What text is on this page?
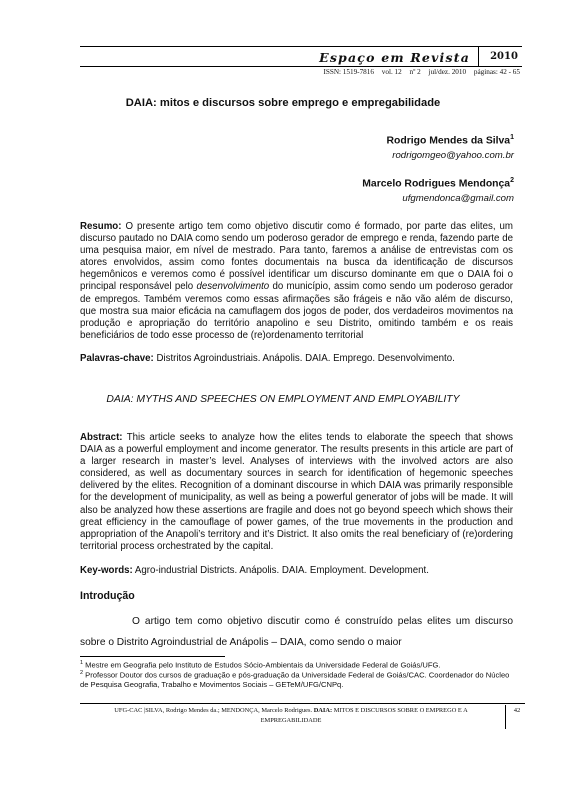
Espaço em Revista	2010
ISSN: 1519-7816 vol. 12 nº 2 jul/dez. 2010 páginas: 42 - 65
DAIA: mitos e discursos sobre emprego e empregabilidade
Rodrigo Mendes da Silva$^1$
rodrigomgeo@yahoo.com.br
Marcelo Rodrigues Mendonça$^2$
ufgmendonca@gmail.com
Resumo: O presente artigo tem como objetivo discutir como é formado, por parte das elites, um discurso pautado no DAIA como sendo um poderoso gerador de emprego e renda, fazendo parte de uma pesquisa maior, em nível de mestrado. Para tanto, faremos a análise de entrevistas com os atores envolvidos, assim como fontes documentais na busca da identificação de discursos hegemônicos e veremos como é possível identificar um discurso dominante em que o DAIA foi o principal responsável pelo desenvolvimento do município, assim como sendo um poderoso gerador de empregos. Também veremos como essas afirmações são frágeis e não vão além de discurso, que mostra sua maior eficácia na camuflagem dos jogos de poder, dos verdadeiros movimentos na produção e apropriação do território anapolino e seu Distrito, omitindo também e os reais beneficiários de todo esse processo de (re)ordenamento territorial
Palavras-chave: Distritos Agroindustriais. Anápolis. DAIA. Emprego. Desenvolvimento.
DAIA: MYTHS AND SPEECHES ON EMPLOYMENT AND EMPLOYABILITY
Abstract: This article seeks to analyze how the elites tends to elaborate the speech that shows DAIA as a powerful employment and income generator. The results presents in this article are part of a larger research in master’s level. Analyses of interviews with the involved actors are also considered, as well as documentary sources in search for identification of hegemonic speeches delivered by the elites. Recognition of a dominant discourse in which DAIA was primarily responsible for the development of municipality, as well as being a powerful generator of jobs will be made. It will also be analyzed how these assertions are fragile and does not go beyond speech which shows their great efficiency in the camouflage of power games, of the true movements in the production and appropriation of the Anapoli’s territory and it’s District. It also omits the real beneficiary of (re)ordering territorial process orchestrated by the capital.
Key-words: Agro-industrial Districts. Anápolis. DAIA. Employment. Development.
Introdução
O artigo tem como objetivo discutir como é construído pelas elites um discurso sobre o Distrito Agroindustrial de Anápolis – DAIA, como sendo o maior
$^1$ Mestre em Geografia pelo Instituto de Estudos Sócio-Ambientais da Universidade Federal de Goiás/UFG.
$^2$ Professor Doutor dos cursos de graduação e pós-graduação da Universidade Federal de Goiás/CAC. Coordenador do Núcleo de Pesquisa Geografia, Trabalho e Movimentos Sociais – GETeM/UFG/CNPq.
UFG-CAC |SILVA, Rodrigo Mendes da.; MENDONÇA, Marcelo Rodrigues. DAIA: MITOS E DISCURSOS SOBRE O EMPREGO E A EMPREGABILIDADE
42
